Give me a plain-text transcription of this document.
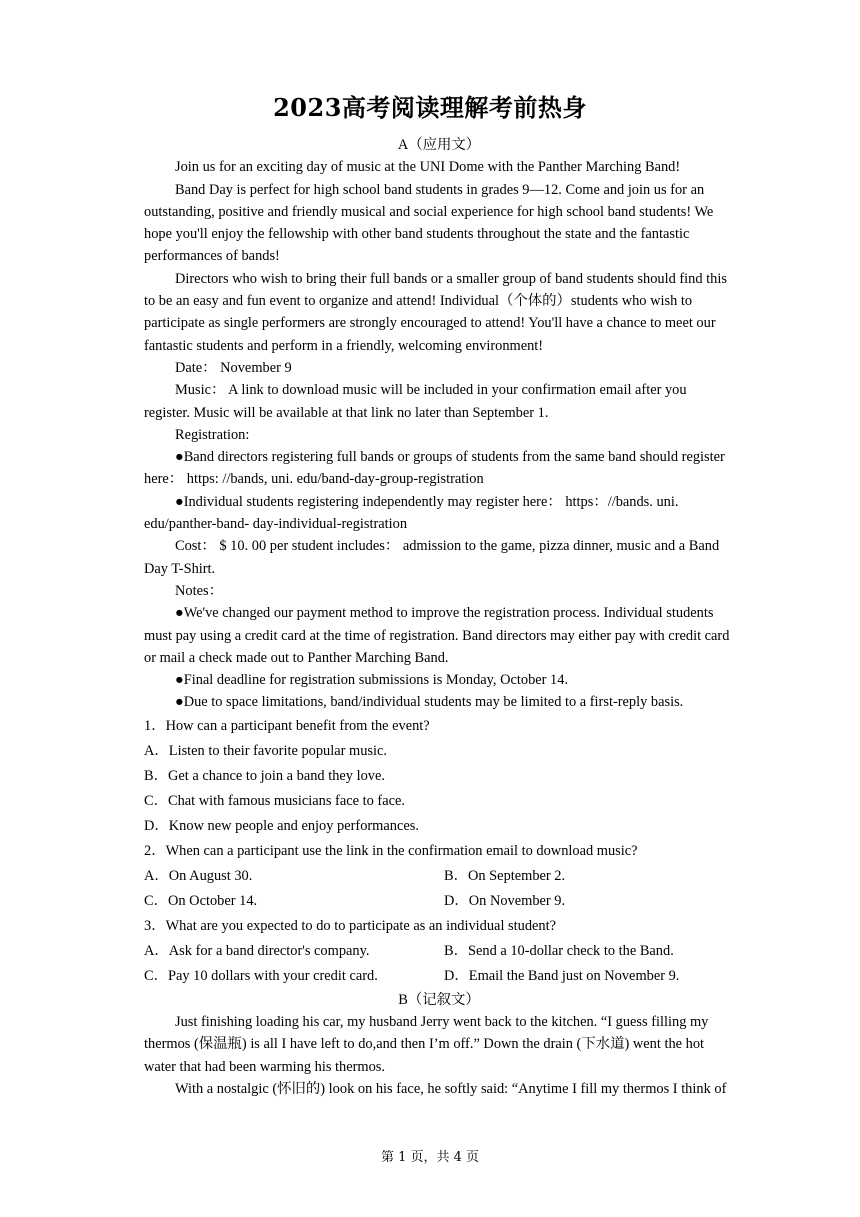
2023高考阅读理解考前热身

A（应用文）

Join us for an exciting day of music at the UNI Dome with the Panther Marching Band!

Band Day is perfect for high school band students in grades 9—12. Come and join us for an outstanding, positive and friendly musical and social experience for high school band students! We hope you'll enjoy the fellowship with other band students throughout the state and the fantastic performances of bands!

Directors who wish to bring their full bands or a smaller group of band students should find this to be an easy and fun event to organize and attend! Individual（个体的）students who wish to participate as single performers are strongly encouraged to attend! You'll have a chance to meet our fantastic students and perform in a friendly, welcoming environment!

Date： November 9

Music： A link to download music will be included in your confirmation email after you register. Music will be available at that link no later than September 1.

Registration:

●Band directors registering full bands or groups of students from the same band should register here： https: //bands, uni. edu/band-day-group-registration

●Individual students registering independently may register here： https：//bands. uni. edu/panther-band- day-individual-registration

Cost： $ 10. 00 per student includes： admission to the game, pizza dinner, music and a Band Day T-Shirt.

Notes：

●We've changed our payment method to improve the registration process. Individual students must pay using a credit card at the time of registration. Band directors may either pay with credit card or mail a check made out to Panther Marching Band.

●Final deadline for registration submissions is Monday, October 14.

●Due to space limitations, band/individual students may be limited to a first-reply basis.

1．How can a participant benefit from the event?

A．Listen to their favorite popular music.

B．Get a chance to join a band they love.

C．Chat with famous musicians face to face.

D．Know new people and enjoy performances.

2．When can a participant use the link in the confirmation email to download music?

A．On August 30.	B．On September 2.
C．On October 14.	D．On November 9.

3．What are you expected to do to participate as an individual student?

A．Ask for a band director's company.	B．Send a 10-dollar check to the Band.
C．Pay 10 dollars with your credit card.	D．Email the Band just on November 9.

B（记叙文）

Just finishing loading his car, my husband Jerry went back to the kitchen. “I guess filling my thermos (保温瓶) is all I have left to do,and then I’m off.” Down the drain (下水道) went the hot water that had been warming his thermos.

With a nostalgic (怀旧的) look on his face, he softly said: “Anytime I fill my thermos I think of

第 1 页，共 4 页
